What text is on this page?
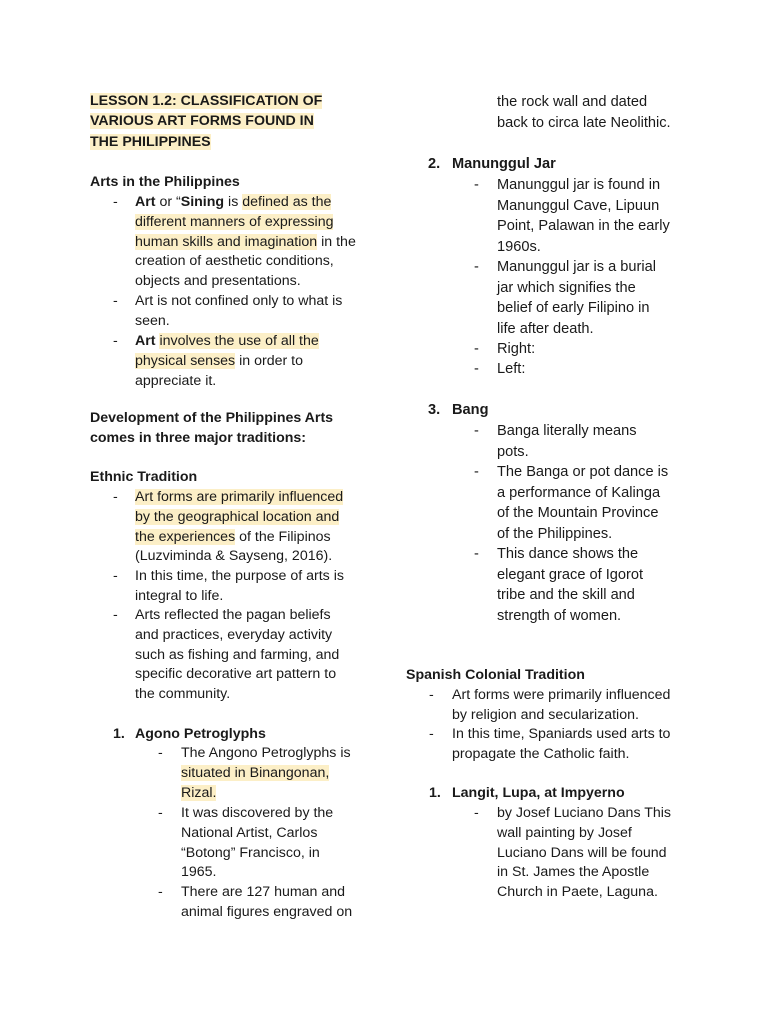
LESSON 1.2: CLASSIFICATION OF
VARIOUS ART FORMS FOUND IN
THE PHILIPPINES
Arts in the Philippines
- Art or “Sining is defined as the
different manners of expressing
human skills and imagination in the
creation of aesthetic conditions,
objects and presentations.
- Art is not confined only to what is
seen.
- Art involves the use of all the
physical senses in order to
appreciate it.
Development of the Philippines Arts
comes in three major traditions:
Ethnic Tradition
- Art forms are primarily influenced
by the geographical location and
the experiences of the Filipinos
(Luzviminda & Sayseng, 2016).
- In this time, the purpose of arts is
integral to life.
- Arts reflected the pagan beliefs
and practices, everyday activity
such as fishing and farming, and
specific decorative art pattern to
the community.
1. Agono Petroglyphs
- The Angono Petroglyphs is
situated in Binangonan,
Rizal.
- It was discovered by the
National Artist, Carlos
“Botong” Francisco, in
1965.
- There are 127 human and
animal figures engraved on
the rock wall and dated
back to circa late Neolithic.
2. Manunggul Jar
- Manunggul jar is found in
Manunggul Cave, Lipuun
Point, Palawan in the early
1960s.
- Manunggul jar is a burial
jar which signifies the
belief of early Filipino in
life after death.
- Right:
- Left:
3. Bang
- Banga literally means
pots.
- The Banga or pot dance is
a performance of Kalinga
of the Mountain Province
of the Philippines.
- This dance shows the
elegant grace of Igorot
tribe and the skill and
strength of women.
Spanish Colonial Tradition
- Art forms were primarily influenced
by religion and secularization.
- In this time, Spaniards used arts to
propagate the Catholic faith.
1. Langit, Lupa, at Impyerno
- by Josef Luciano Dans This
wall painting by Josef
Luciano Dans will be found
in St. James the Apostle
Church in Paete, Laguna.
